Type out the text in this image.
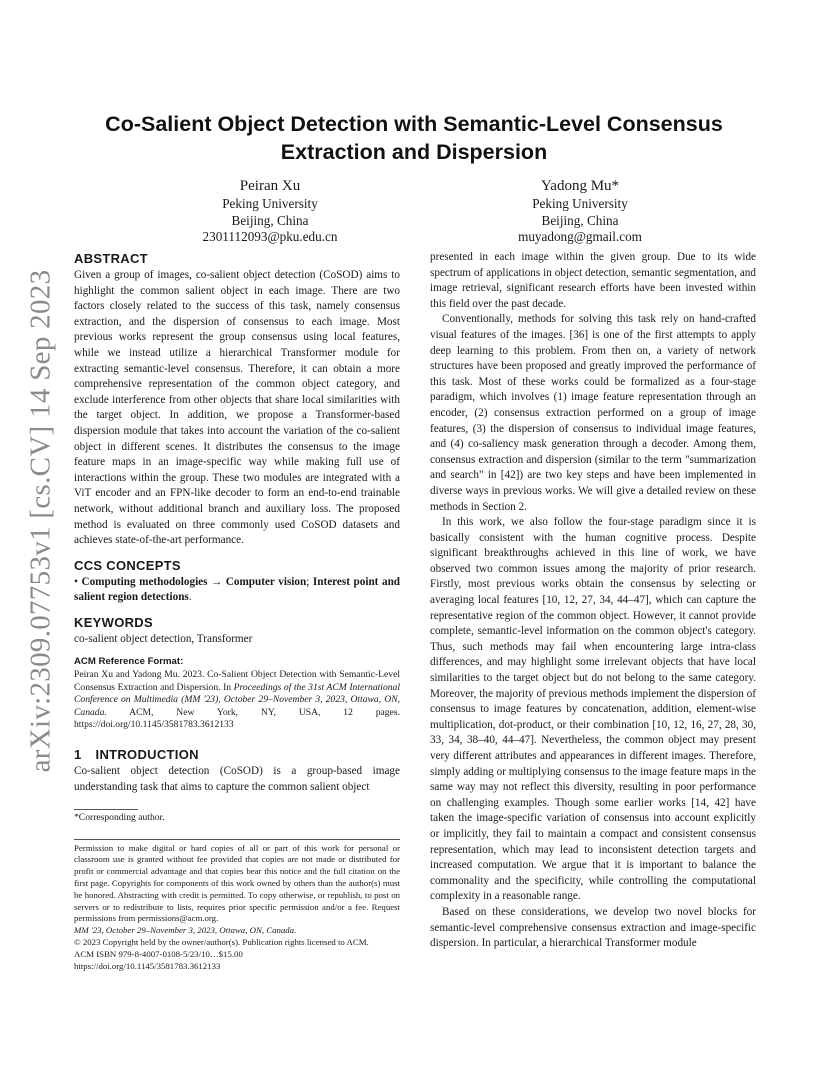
arXiv:2309.07753v1 [cs.CV] 14 Sep 2023
Co-Salient Object Detection with Semantic-Level Consensus
Extraction and Dispersion
Peiran Xu
Peking University
Beijing, China
2301112093@pku.edu.cn
Yadong Mu*
Peking University
Beijing, China
muyadong@gmail.com
ABSTRACT

Given a group of images, co-salient object detection (CoSOD) aims to highlight the common salient object in each image. There are two factors closely related to the success of this task, namely consensus extraction, and the dispersion of consensus to each image. Most previous works represent the group consensus using local features, while we instead utilize a hierarchical Transformer module for extracting semantic-level consensus. Therefore, it can obtain a more comprehensive representation of the common object category, and exclude interference from other objects that share local similarities with the target object. In addition, we propose a Transformer-based dispersion module that takes into account the variation of the co-salient object in different scenes. It distributes the consensus to the image feature maps in an image-specific way while making full use of interactions within the group. These two modules are integrated with a ViT encoder and an FPN-like decoder to form an end-to-end trainable network, without additional branch and auxiliary loss. The proposed method is evaluated on three commonly used CoSOD datasets and achieves state-of-the-art performance.

CCS CONCEPTS

• Computing methodologies → Computer vision; Interest point and salient region detections.

KEYWORDS

co-salient object detection, Transformer

ACM Reference Format:

Peiran Xu and Yadong Mu. 2023. Co-Salient Object Detection with Semantic-Level Consensus Extraction and Dispersion. In Proceedings of the 31st ACM International Conference on Multimedia (MM '23), October 29–November 3, 2023, Ottawa, ON, Canada. ACM, New York, NY, USA, 12 pages. https://doi.org/10.1145/3581783.3612133

1 INTRODUCTION

Co-salient object detection (CoSOD) is a group-based image understanding task that aims to capture the common salient object

*Corresponding author.

Permission to make digital or hard copies of all or part of this work for personal or classroom use is granted without fee provided that copies are not made or distributed for profit or commercial advantage and that copies bear this notice and the full citation on the first page. Copyrights for components of this work owned by others than the author(s) must be honored. Abstracting with credit is permitted. To copy otherwise, or republish, to post on servers or to redistribute to lists, requires prior specific permission and/or a fee. Request permissions from permissions@acm.org.

MM '23, October 29–November 3, 2023, Ottawa, ON, Canada.

© 2023 Copyright held by the owner/author(s). Publication rights licensed to ACM.

ACM ISBN 979-8-4007-0108-5/23/10…$15.00

https://doi.org/10.1145/3581783.3612133

presented in each image within the given group. Due to its wide spectrum of applications in object detection, semantic segmentation, and image retrieval, significant research efforts have been invested within this field over the past decade.

Conventionally, methods for solving this task rely on hand-crafted visual features of the images. [36] is one of the first attempts to apply deep learning to this problem. From then on, a variety of network structures have been proposed and greatly improved the performance of this task. Most of these works could be formalized as a four-stage paradigm, which involves (1) image feature representation through an encoder, (2) consensus extraction performed on a group of image features, (3) the dispersion of consensus to individual image features, and (4) co-saliency mask generation through a decoder. Among them, consensus extraction and dispersion (similar to the term "summarization and search" in [42]) are two key steps and have been implemented in diverse ways in previous works. We will give a detailed review on these methods in Section 2.

In this work, we also follow the four-stage paradigm since it is basically consistent with the human cognitive process. Despite significant breakthroughs achieved in this line of work, we have observed two common issues among the majority of prior research. Firstly, most previous works obtain the consensus by selecting or averaging local features [10, 12, 27, 34, 44–47], which can capture the representative region of the common object. However, it cannot provide complete, semantic-level information on the common object's category. Thus, such methods may fail when encountering large intra-class differences, and may highlight some irrelevant objects that have local similarities to the target object but do not belong to the same category. Moreover, the majority of previous methods implement the dispersion of consensus to image features by concatenation, addition, element-wise multiplication, dot-product, or their combination [10, 12, 16, 27, 28, 30, 33, 34, 38–40, 44–47]. Nevertheless, the common object may present very different attributes and appearances in different images. Therefore, simply adding or multiplying consensus to the image feature maps in the same way may not reflect this diversity, resulting in poor performance on challenging examples. Though some earlier works [14, 42] have taken the image-specific variation of consensus into account explicitly or implicitly, they fail to maintain a compact and consistent consensus representation, which may lead to inconsistent detection targets and increased computation. We argue that it is important to balance the commonality and the specificity, while controlling the computational complexity in a reasonable range.

Based on these considerations, we develop two novel blocks for semantic-level comprehensive consensus extraction and image-specific dispersion. In particular, a hierarchical Transformer module
